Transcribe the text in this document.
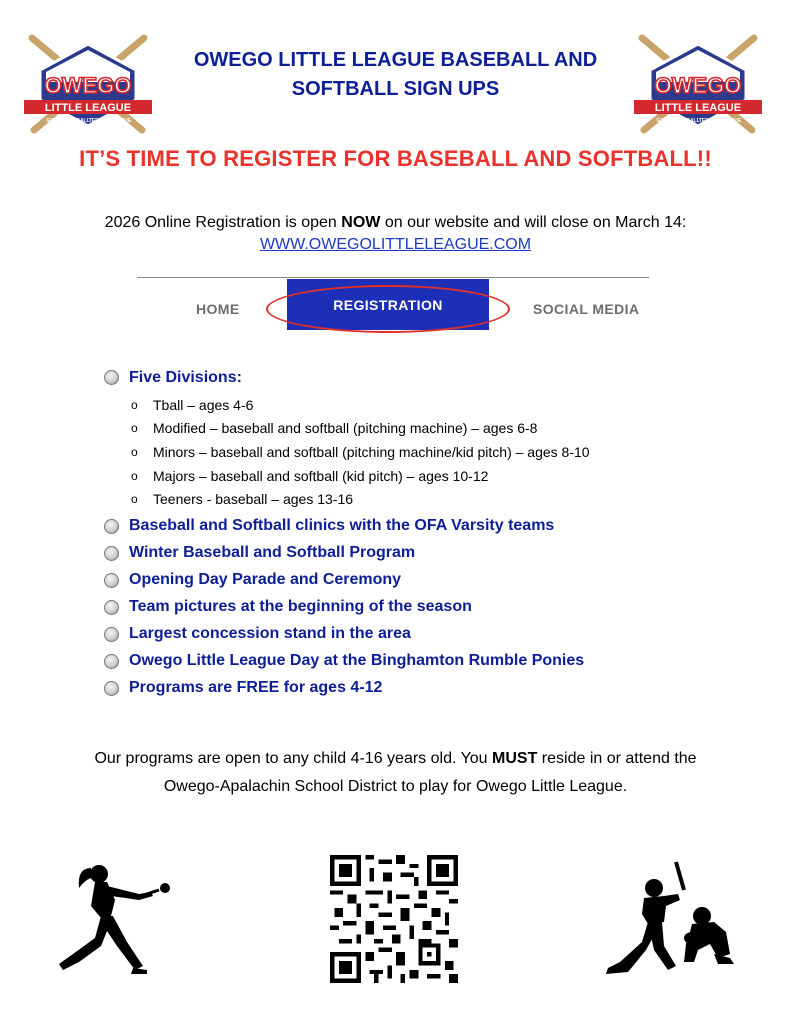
OWEGO
LITTLE LEAGUE
GIRLS SOFTBALL TEENER LEAGUE
est. 1952
OWEGO LITTLE LEAGUE BASEBALL AND
SOFTBALL SIGN UPS	OWEGO
LITTLE LEAGUE
GIRLS SOFTBALL TEENER LEAGUE
est. 1952
IT’S TIME TO REGISTER FOR BASEBALL AND SOFTBALL!!
2026 Online Registration is open NOW on our website and will close on March 14:
WWW.OWEGOLITTLELEAGUE.COM
HOME	REGISTRATION	SOCIAL MEDIA
Five Divisions:
o	Tball – ages 4-6
o	Modified – baseball and softball (pitching machine) – ages 6-8
o	Minors – baseball and softball (pitching machine/kid pitch) – ages 8-10
o	Majors – baseball and softball (kid pitch) – ages 10-12
o	Teeners - baseball – ages 13-16
Baseball and Softball clinics with the OFA Varsity teams
Winter Baseball and Softball Program
Opening Day Parade and Ceremony
Team pictures at the beginning of the season
Largest concession stand in the area
Owego Little League Day at the Binghamton Rumble Ponies
Programs are FREE for ages 4-12
Our programs are open to any child 4-16 years old. You MUST reside in or attend the
Owego-Apalachin School District to play for Owego Little League.
